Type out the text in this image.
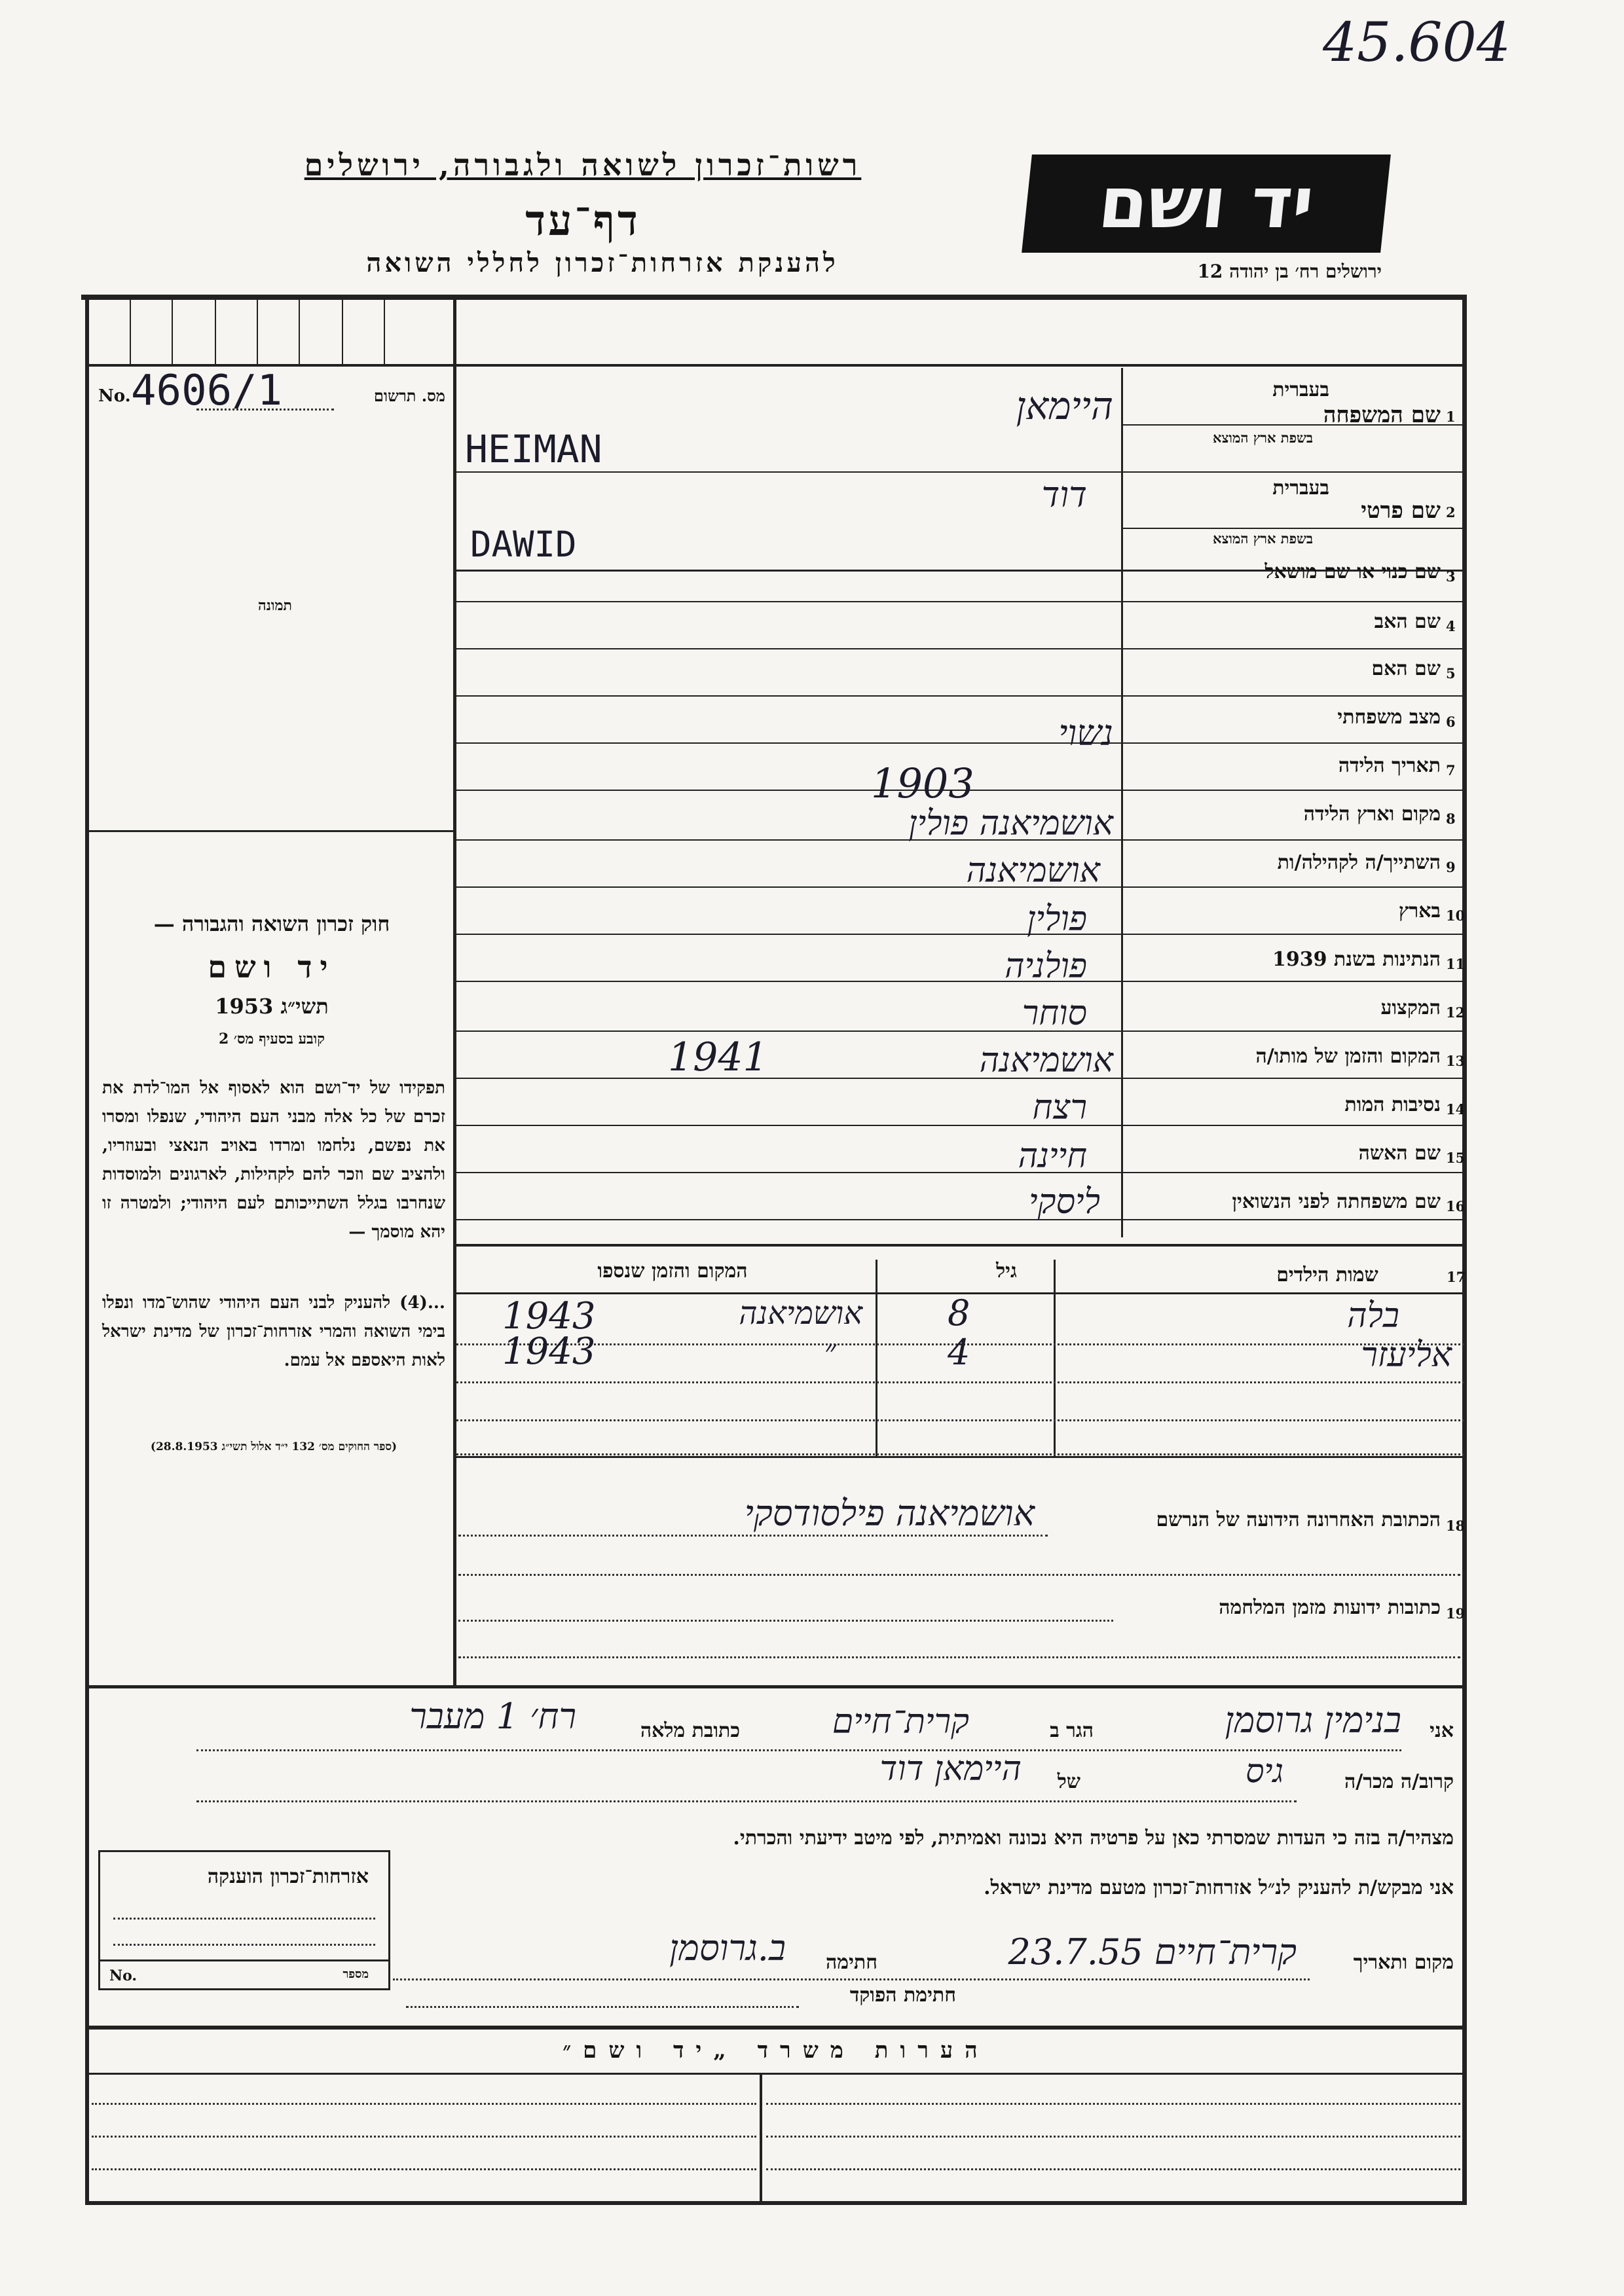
45.604
רשות־זכרון לשואה ולגבורה, ירושלים
דף־עד
להענקת אזרחות־זכרון לחללי השואה
יד ושם
ירושלים רח׳ בן יהודה 12
No. 4606/1	מס. תרשום
תמונה
חוק זכרון השואה והגבורה —
יד ושם
תשי״ג 1953
קובע בסעיף מס׳ 2
תפקידו של יד־ושם הוא לאסוף אל המו־לדת את זכרם של כל אלה מבני העם היהודי, שנפלו ומסרו את נפשם, נלחמו ומרדו באויב הנאצי ובעוזריו, ולהציב שם וזכר להם לקהילות, לארגונים ולמוסדות שנחרבו בגלל השתייכותם לעם היהודי; ולמטרה זו יהא מוסמך —
...(4) להעניק לבני העם היהודי שהוש־מדו ונפלו בימי השואה והמרי אזרחות־זכרון של מדינת ישראל לאות היאספם אל עמם.
(ספר החוקים מס׳ 132 י״ד אלול תשי״ג 28.8.1953)
1
שם המשפחה
בעברית
בשפת ארץ המוצא
היימאן
HEIMAN
2
שם פרטי
בעברית
בשפת ארץ המוצא
דוד
DAWID
3
שם כנוי או שם מושאל
4
שם האב
5
שם האם
6
מצב משפחתי
נשוי
7
תאריך הלידה
1903
8
מקום וארץ הלידה
אושמיאנה פולין
9
השתייך/ה לקהילה/ות
אושמיאנה
10
בארץ
פולין
11
הנתינות בשנת 1939
פולניה
12
המקצוע
סוחר
13
המקום והזמן של מותו/ה
אושמיאנה
1941
14
נסיבות המות
רצח
15
שם האשה
חיינה
16
שם משפחתה לפני הנשואין
ליסקי
17
שמות הילדים
גיל
המקום והזמן שנספו
בלה
8
אושמיאנה
1943
אליעזר
4
״
1943
18
הכתובת האחרונה הידועה של הנרשם
אושמיאנה פילסודסקי
19
כתובות ידועות מזמן המלחמה
אני
בנימין גרוסמן
הגר ב
קרית־חיים
כתובת מלאה
רח׳ 1 מעבר
קרוב/ה מכר/ה
גיס
של
היימאן דוד
מצהיר/ה בזה כי העדות שמסרתי כאן על פרטיה היא נכונה ואמיתית, לפי מיטב ידיעתי והכרתי.
אני מבקש/ת להעניק לנ״ל אזרחות־זכרון מטעם מדינת ישראל.
מקום ותאריך
קרית־חיים 23.7.55
חתימה
ב.גרוסמן
חתימת הפוקד
אזרחות־זכרון הוענקה
No.	מספר
הערות משרד „יד ושם״
